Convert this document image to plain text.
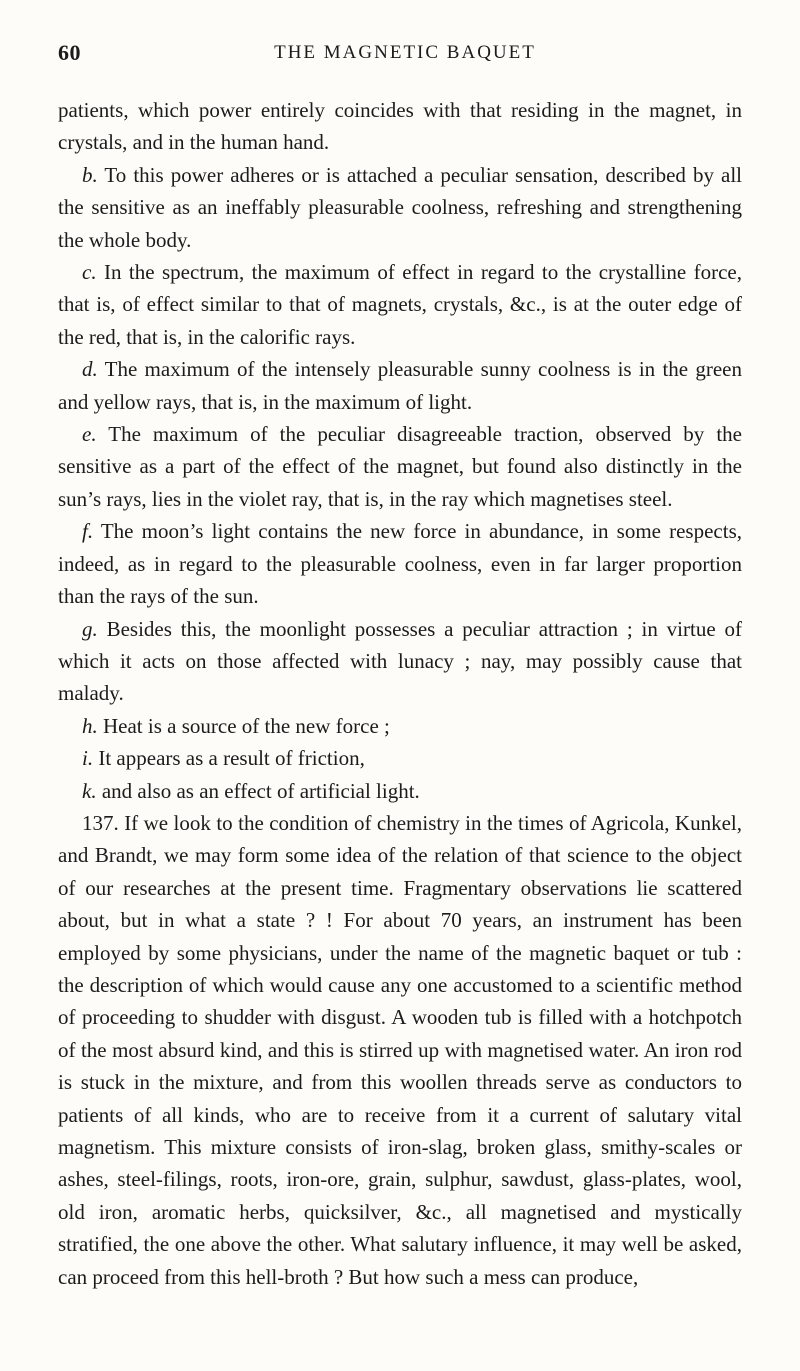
60	THE MAGNETIC BAQUET

patients, which power entirely coincides with that residing in the magnet, in crystals, and in the human hand.

b. To this power adheres or is attached a peculiar sensation, described by all the sensitive as an ineffably pleasurable coolness, refreshing and strengthening the whole body.

c. In the spectrum, the maximum of effect in regard to the crystalline force, that is, of effect similar to that of magnets, crystals, &c., is at the outer edge of the red, that is, in the calorific rays.

d. The maximum of the intensely pleasurable sunny coolness is in the green and yellow rays, that is, in the maximum of light.

e. The maximum of the peculiar disagreeable traction, observed by the sensitive as a part of the effect of the magnet, but found also distinctly in the sun’s rays, lies in the violet ray, that is, in the ray which magnetises steel.

f. The moon’s light contains the new force in abundance, in some respects, indeed, as in regard to the pleasurable coolness, even in far larger proportion than the rays of the sun.

g. Besides this, the moonlight possesses a peculiar attraction ; in virtue of which it acts on those affected with lunacy ; nay, may possibly cause that malady.

h. Heat is a source of the new force ;

i. It appears as a result of friction,

k. and also as an effect of artificial light.

137. If we look to the condition of chemistry in the times of Agricola, Kunkel, and Brandt, we may form some idea of the relation of that science to the object of our researches at the present time. Fragmentary observations lie scattered about, but in what a state ? ! For about 70 years, an instrument has been employed by some physicians, under the name of the magnetic baquet or tub : the description of which would cause any one accustomed to a scientific method of proceeding to shudder with disgust. A wooden tub is filled with a hotchpotch of the most absurd kind, and this is stirred up with magnetised water. An iron rod is stuck in the mixture, and from this woollen threads serve as conductors to patients of all kinds, who are to receive from it a current of salutary vital magnetism. This mixture consists of iron-slag, broken glass, smithy-scales or ashes, steel-filings, roots, iron-ore, grain, sulphur, sawdust, glass-plates, wool, old iron, aromatic herbs, quicksilver, &c., all magnetised and mystically stratified, the one above the other. What salutary influence, it may well be asked, can proceed from this hell-broth ? But how such a mess can produce,
